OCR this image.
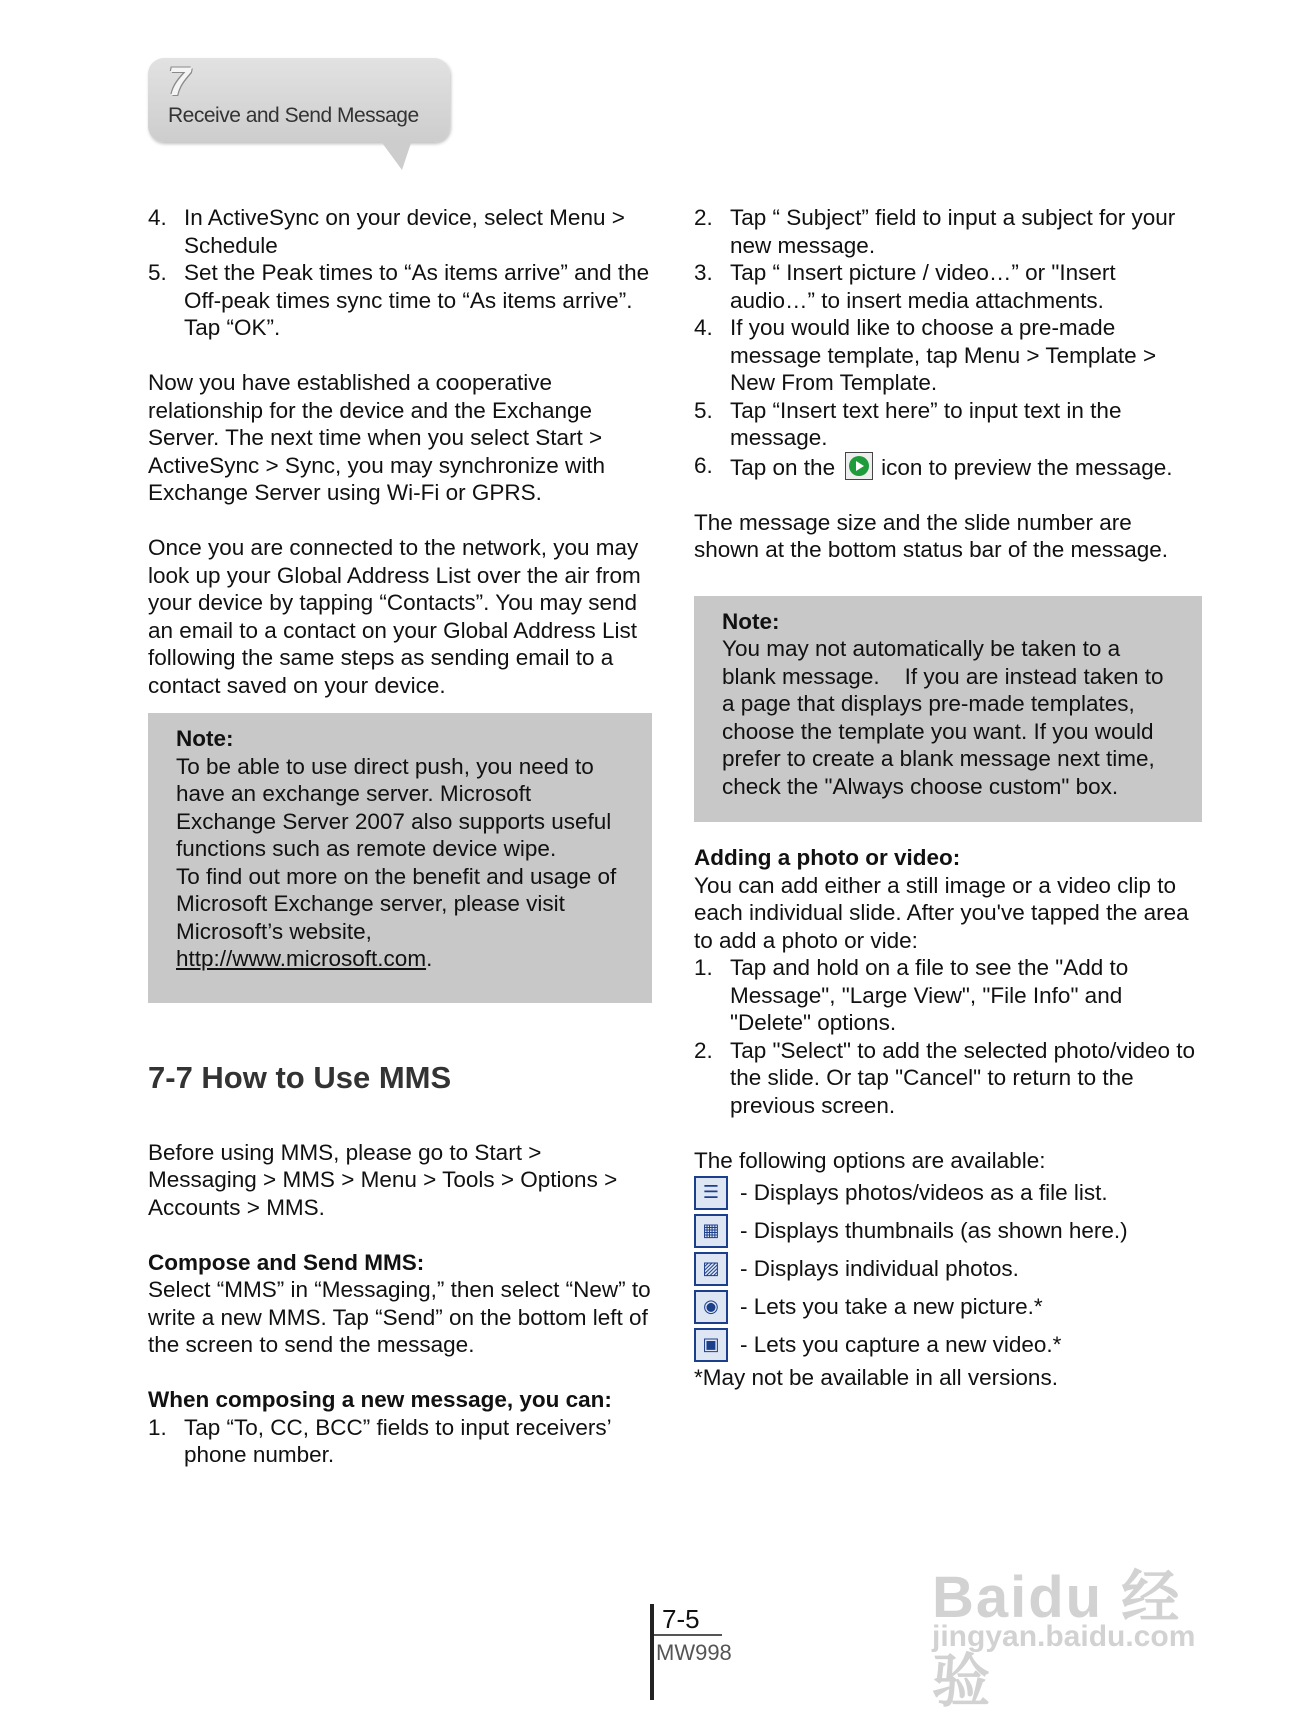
7
Receive and Send Message
4. In ActiveSync on your device, select Menu > Schedule
5. Set the Peak times to “As items arrive” and the Off-peak times sync time to “As items arrive”. Tap “OK”.

Now you have established a cooperative relationship for the device and the Exchange Server. The next time when you select Start > ActiveSync > Sync, you may synchronize with Exchange Server using Wi-Fi or GPRS.

Once you are connected to the network, you may look up your Global Address List over the air from your device by tapping “Contacts”. You may send an email to a contact on your Global Address List following the same steps as sending email to a contact saved on your device.

Note:
To be able to use direct push, you need to have an exchange server. Microsoft Exchange Server 2007 also supports useful functions such as remote device wipe.
To find out more on the benefit and usage of Microsoft Exchange server, please visit Microsoft’s website,
http://www.microsoft.com.
7-7 How to Use MMS

Before using MMS, please go to Start > Messaging > MMS > Menu > Tools > Options > Accounts > MMS.

Compose and Send MMS:

Select “MMS” in “Messaging,” then select “New” to write a new MMS. Tap “Send” on the bottom left of the screen to send the message.

When composing a new message, you can:

1. Tap “To, CC, BCC” fields to input receivers’ phone number.
2. Tap “ Subject” field to input a subject for your new message.
3. Tap “ Insert picture / video…” or "Insert audio…” to insert media attachments.
4. If you would like to choose a pre-made message template, tap Menu > Template > New From Template.
5. Tap “Insert text here” to input text in the message.
6. Tap on the icon to preview the message.

The message size and the slide number are shown at the bottom status bar of the message.

Note:
You may not automatically be taken to a blank message.    If you are instead taken to a page that displays pre-made templates, choose the template you want. If you would prefer to create a blank message next time, check the "Always choose custom" box.

Adding a photo or video:

You can add either a still image or a video clip to each individual slide. After you've tapped the area to add a photo or vide:

1. Tap and hold on a file to see the "Add to Message", "Large View", "File Info" and "Delete" options.
2. Tap "Select" to add the selected photo/video to the slide. Or tap "Cancel" to return to the previous screen.

The following options are available:

☰ - Displays photos/videos as a file list.
▦ - Displays thumbnails (as shown here.)
▨ - Displays individual photos.
◉ - Lets you take a new picture.*
▣ - Lets you capture a new video.*

*May not be available in all versions.

7-5
MW998
Baidu 经验
jingyan.baidu.com
